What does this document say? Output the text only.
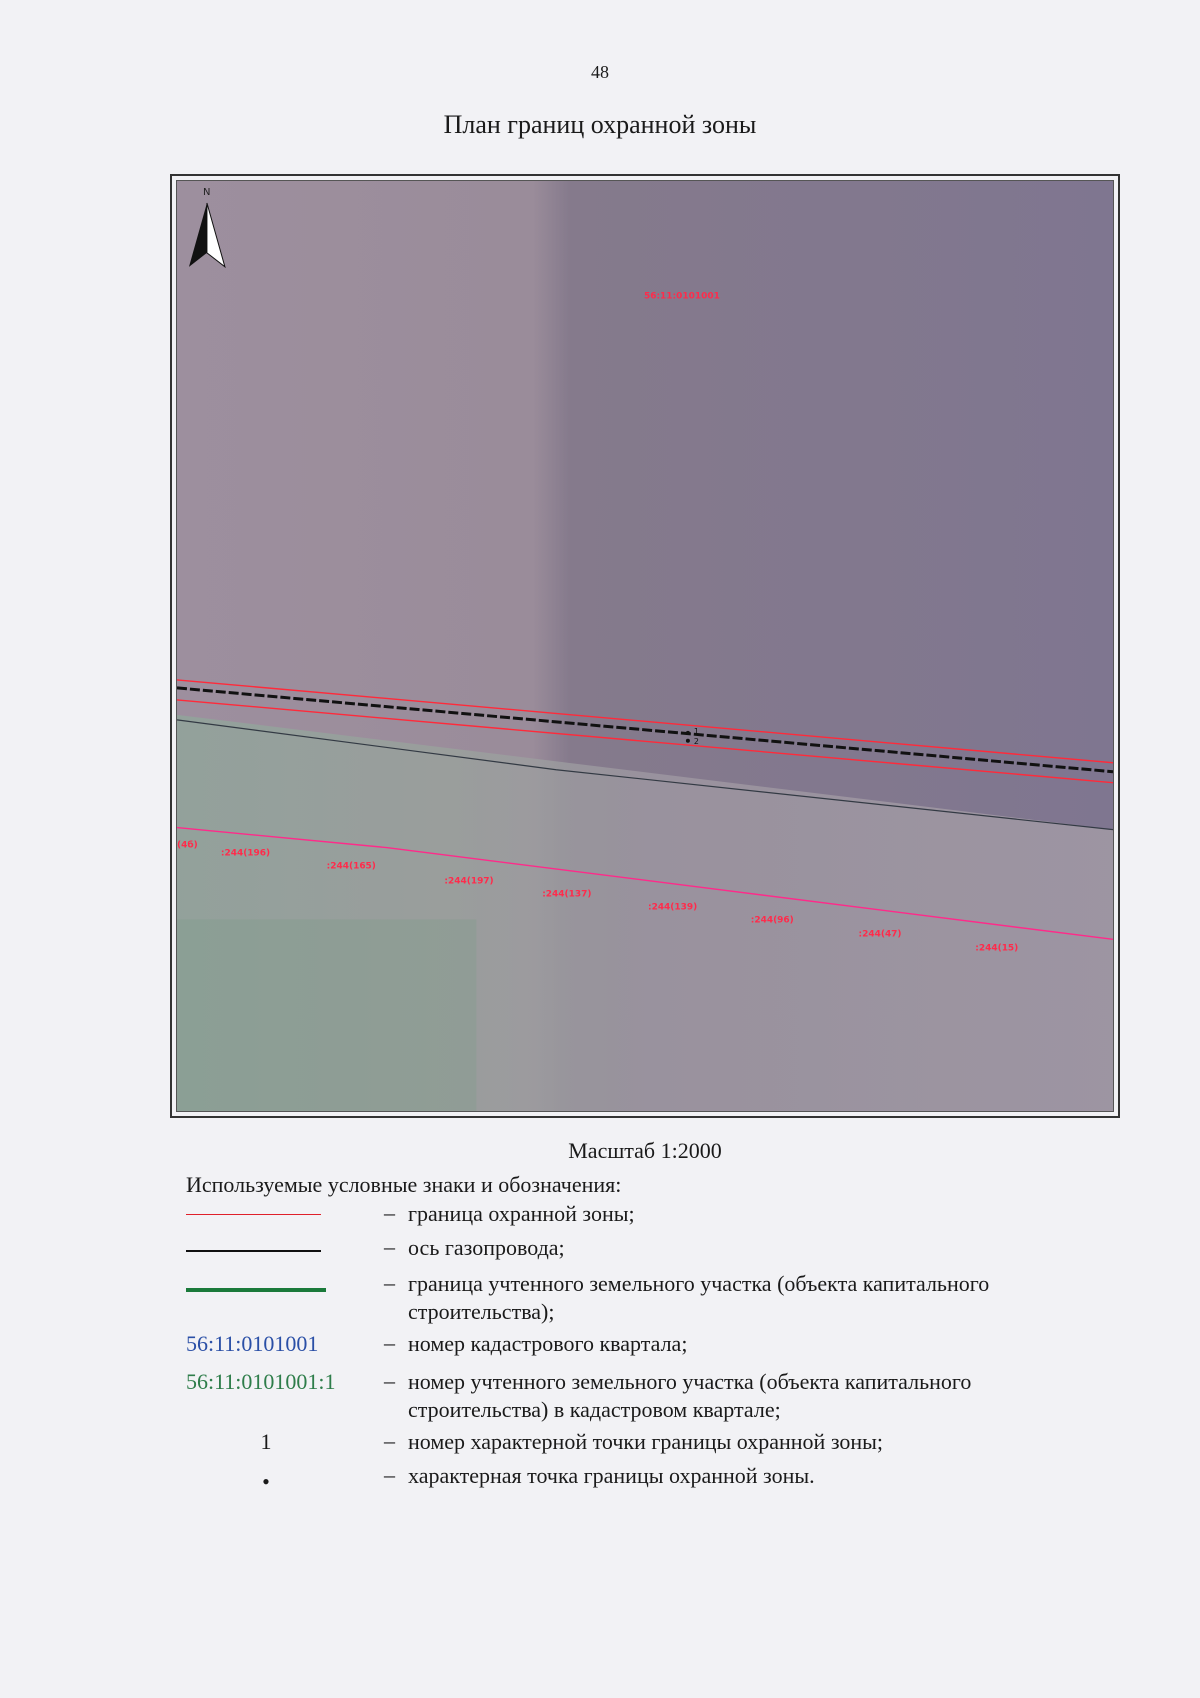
48
План границ охранной зоны
N
56:11:0101001
1
2
(4б)
:244(196)
:244(165)
:244(197)
:244(137)
:244(139)
:244(96)
:244(47)
:244(15)
Масштаб 1:2000
Используемые условные знаки и обозначения:
– граница охранной зоны;
– ось газопровода;
– граница учтенного земельного участка (объекта капитального строительства);
56:11:0101001	– номер кадастрового квартала;
56:11:0101001:1 – номер учтенного земельного участка (объекта капитального строительства) в кадастровом квартале;
1	– номер характерной точки границы охранной зоны;
•	– характерная точка границы охранной зоны.
